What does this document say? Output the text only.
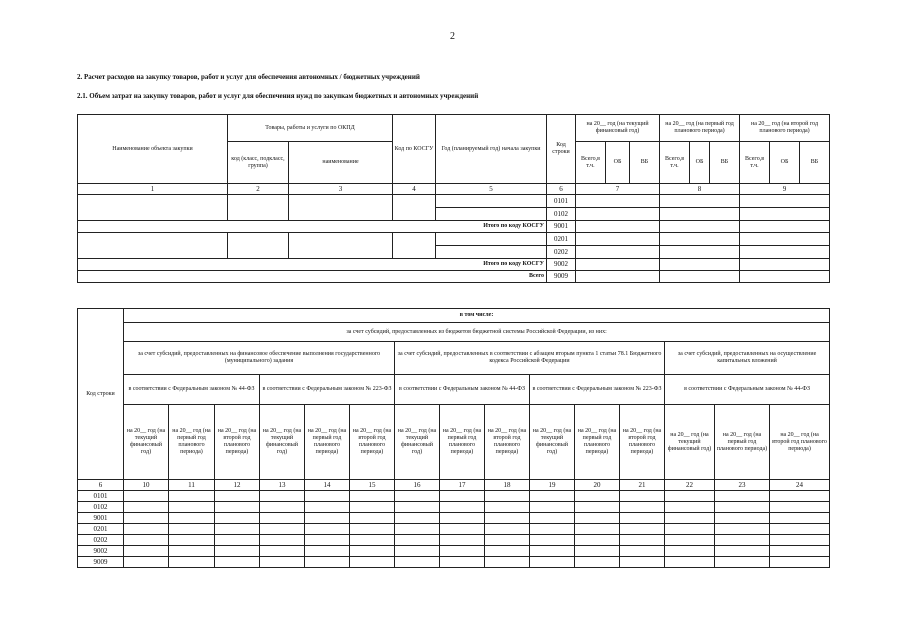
2
2. Расчет расходов на закупку товаров, работ и услуг для обеспечения автономных / бюджетных учреждений
2.1. Объем затрат на закупку товаров, работ и услуг для обеспечения нужд по закупкам бюджетных и автономных учреждений
Наименование объекта закупки	Товары, работы и услуги по ОКПД		Код по КОСГУ	Год (планируемый год) начала закупки	Код строки	на 20__ год (на текущий финансовый год)			на 20__ год (на первый год планового периода)			на 20__ год (на второй год планового периода)		
	код (класс, подкласс, группа)	наименование				Всего,в т.ч.	ОБ	ВБ	Всего,в т.ч.	ОБ	ВБ	Всего,в т.ч.	ОБ	ВБ
1	2	3	4	5	6	7			8			9		
					0101									
					0102									
Итого по коду КОСГУ					9001									
					0201									
					0202									
Итого по коду КОСГУ					9002									
Всего					9009									
Код строки	в том числе:														
	за счет субсидий, предоставленных из бюджетов бюджетной системы Российской Федерации, из них:														
	за счет субсидий, предоставленных на финансовое обеспечение выполнения государственного (муниципального) задания						за счет субсидий, предоставленных в соответствии с абзацем вторым пункта 1 статьи 78.1 Бюджетного кодекса Российской Федерации						за счет субсидий, предоставленных на осуществление капитальных вложений		
	в соответствии с Федеральным законом № 44-ФЗ			в соответствии с Федеральным законом № 223-ФЗ			в соответствии с Федеральным законом № 44-ФЗ			в соответствии с Федеральным законом № 223-ФЗ			в соответствии с Федеральным законом № 44-ФЗ		
	на 20__ год (на текущий финансовый год)	на 20__ год (на первый год планового периода)	на 20__ год (на второй год планового периода)	на 20__ год (на текущий финансовый год)	на 20__ год (на первый год планового периода)	на 20__ год (на второй год планового периода)	на 20__ год (на текущий финансовый год)	на 20__ год (на первый год планового периода)	на 20__ год (на второй год планового периода)	на 20__ год (на текущий финансовый год)	на 20__ год (на первый год планового периода)	на 20__ год (на второй год планового периода)	на 20__ год (на текущий финансовый год)	на 20__ год (на первый год планового периода)	на 20__ год (на второй год планового периода)
6	10	11	12	13	14	15	16	17	18	19	20	21	22	23	24
0101															
0102															
9001															
0201															
0202															
9002															
9009															
